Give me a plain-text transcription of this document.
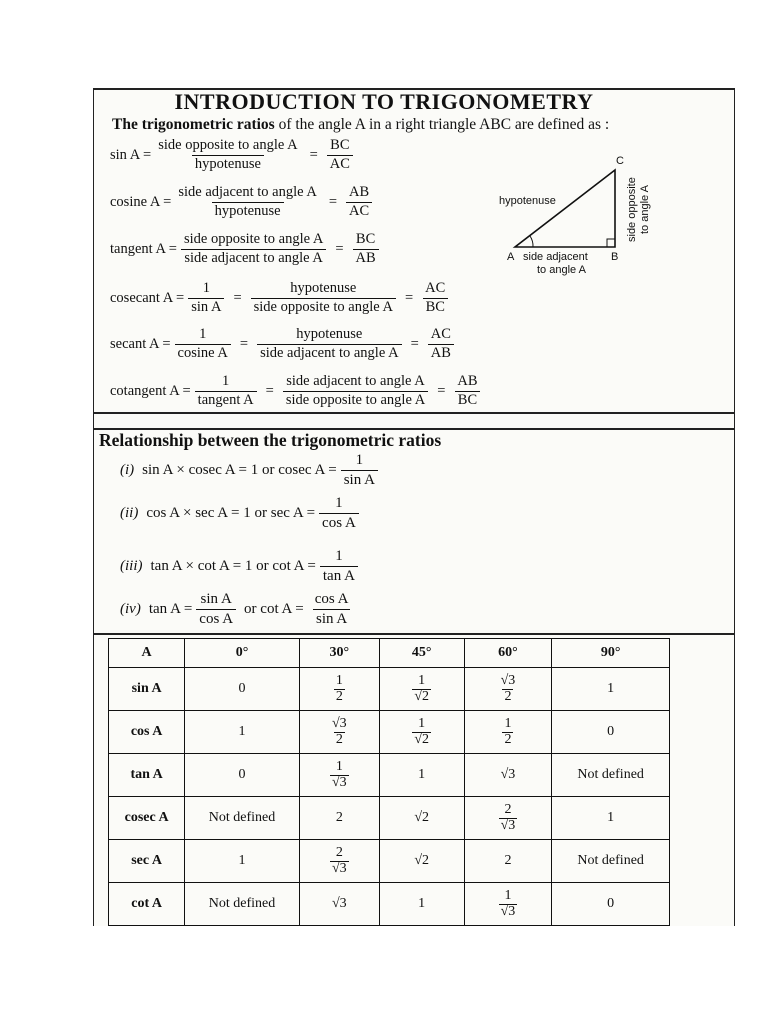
INTRODUCTION TO TRIGONOMETRY
The trigonometric ratios of the angle A in a right triangle ABC are defined as :
$\sin A = \frac{\text{side opposite to angle A}}{\text{hypotenuse}} = \frac{BC}{AC}$
cosine $A = \frac{\text{side adjacent to angle A}}{\text{hypotenuse}} = \frac{AB}{AC}$
tangent $A = \frac{\text{side opposite to angle A}}{\text{side adjacent to angle A}} = \frac{BC}{AB}$
cosecant $A = \frac{1}{\text{sin A}} = \frac{\text{hypotenuse}}{\text{side opposite to angle A}} = \frac{AC}{BC}$
secant $A = \frac{1}{\text{cosine A}} = \frac{\text{hypotenuse}}{\text{side adjacent to angle A}} = \frac{AC}{AB}$
cotangent $A = \frac{1}{\text{tangent A}} = \frac{\text{side adjacent to angle A}}{\text{side opposite to angle A}} = \frac{AB}{BC}$
A	B
C
hypotenuse
side adjacent
to angle A
side opposite to angle A
Relationship between the trigonometric ratios
(i) sin A × cosec A = 1 or cosec $A = \frac{1}{\text{sin A}}$
(ii) cos A × sec A = 1 or $\sec A = \frac{1}{\text{cos A}}$
(iii) tan A × cot A = 1 or $\cot A = \frac{1}{\text{tan A}}$
(iv) $\tan A = \frac{\text{sin A}}{\text{cos A}}$ or $\cot A = \frac{\text{cos A}}{\text{sin A}}$
A	0°	30°	45°	60°	90°
sin A	0	$\frac{1}{2}$	$\frac{1}{√2}$	$\frac{√3}{2}$	1
cos A	1	$\frac{√3}{2}$	$\frac{1}{√2}$	$\frac{1}{2}$	0
tan A	0	$\frac{1}{√3}$	1	√3	Not defined
cosec A	Not defined	2	√2	$\frac{2}{√3}$	1
sec A	1	$\frac{2}{√3}$	√2	2	Not defined
cot A	Not defined	√3	1	$\frac{1}{√3}$	0
